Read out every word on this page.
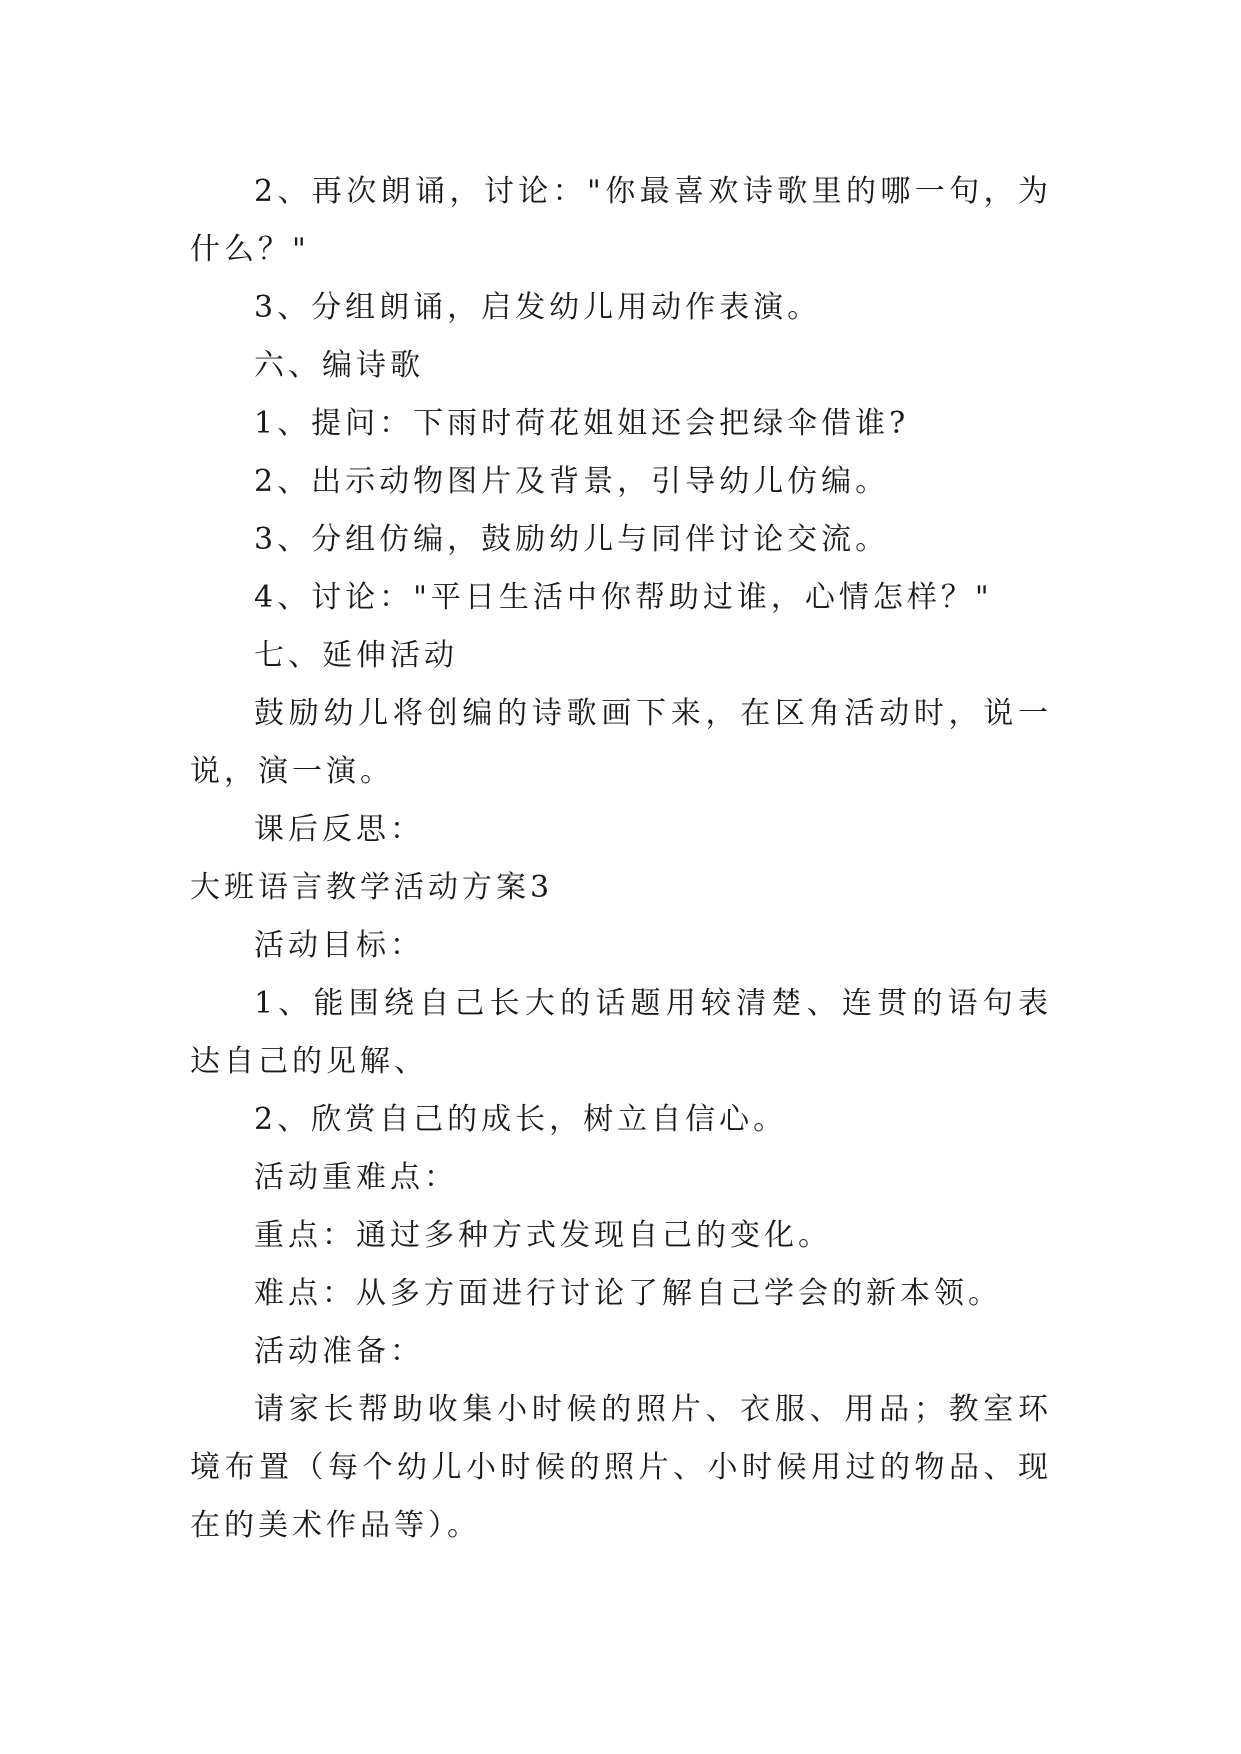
2、再次朗诵，讨论："你最喜欢诗歌里的哪一句，为什么？"

3、分组朗诵，启发幼儿用动作表演。

六、编诗歌

1、提问：下雨时荷花姐姐还会把绿伞借谁?

2、出示动物图片及背景，引导幼儿仿编。

3、分组仿编，鼓励幼儿与同伴讨论交流。

4、讨论："平日生活中你帮助过谁，心情怎样？"

七、延伸活动

鼓励幼儿将创编的诗歌画下来，在区角活动时，说一说，演一演。

课后反思：

大班语言教学活动方案3

活动目标：

1、能围绕自己长大的话题用较清楚、连贯的语句表达自己的见解、

2、欣赏自己的成长，树立自信心。

活动重难点：

重点：通过多种方式发现自己的变化。

难点：从多方面进行讨论了解自己学会的新本领。

活动准备：

请家长帮助收集小时候的照片、衣服、用品；教室环境布置（每个幼儿小时候的照片、小时候用过的物品、现在的美术作品等）。
